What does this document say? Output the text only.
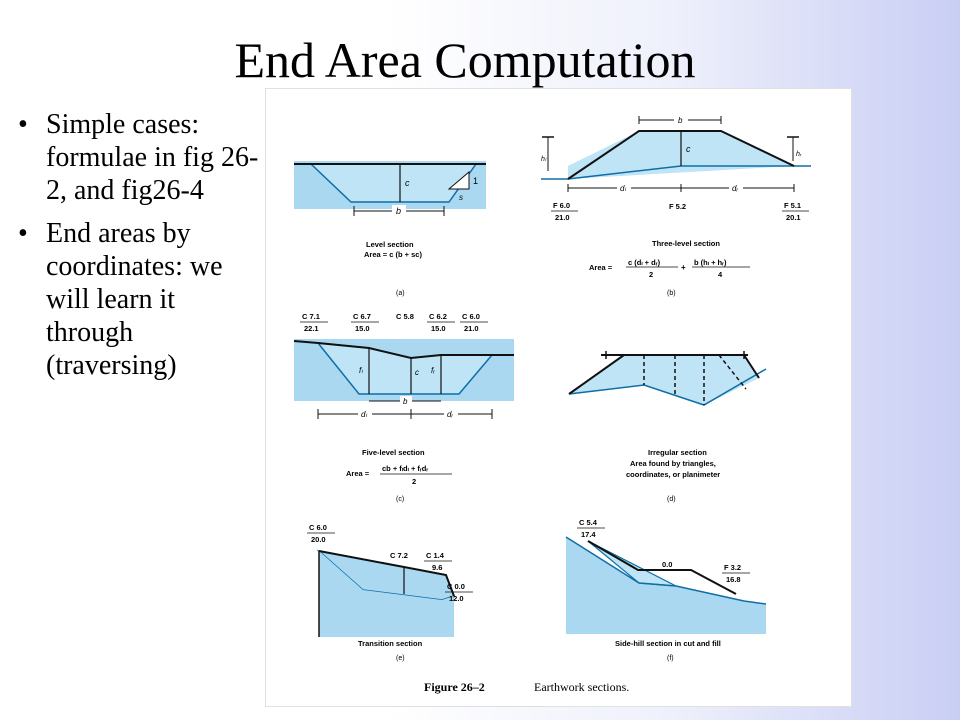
End Area Computation
• Simple cases: formulae in fig 26-2, and fig26-4
• End areas by coordinates: we will learn it through (traversing)
c	1
s
b
Level section
Area = c (b + sc)
(a)
b
c
hₗ
hᵣ
dₗ	dᵣ
F 6.0
21.0
F 5.2	F 5.1
20.1
Three-level section
Area =
c (dₗ + dᵣ)
2
+
b (hₗ + hᵣ)
4
(b)
fₗ	c fᵣ
b
dₗ	dᵣ
C 7.1
22.1
C 6.7
15.0
C 5.8 C 6.2
15.0
C 6.0
21.0
Five-level section
Area =
cb + fₗdₗ + fᵣdᵣ
2
(c)
Irregular section
Area found by triangles,
coordinates, or planimeter
(d)
C 6.0
20.0
C 7.2 C 1.4
9.6
C 0.0
12.0
Transition section
(e)
C 5.4
17.4
0.0	F 3.2
16.8
Side-hill section in cut and fill
(f)
Figure 26–2	Earthwork sections.
